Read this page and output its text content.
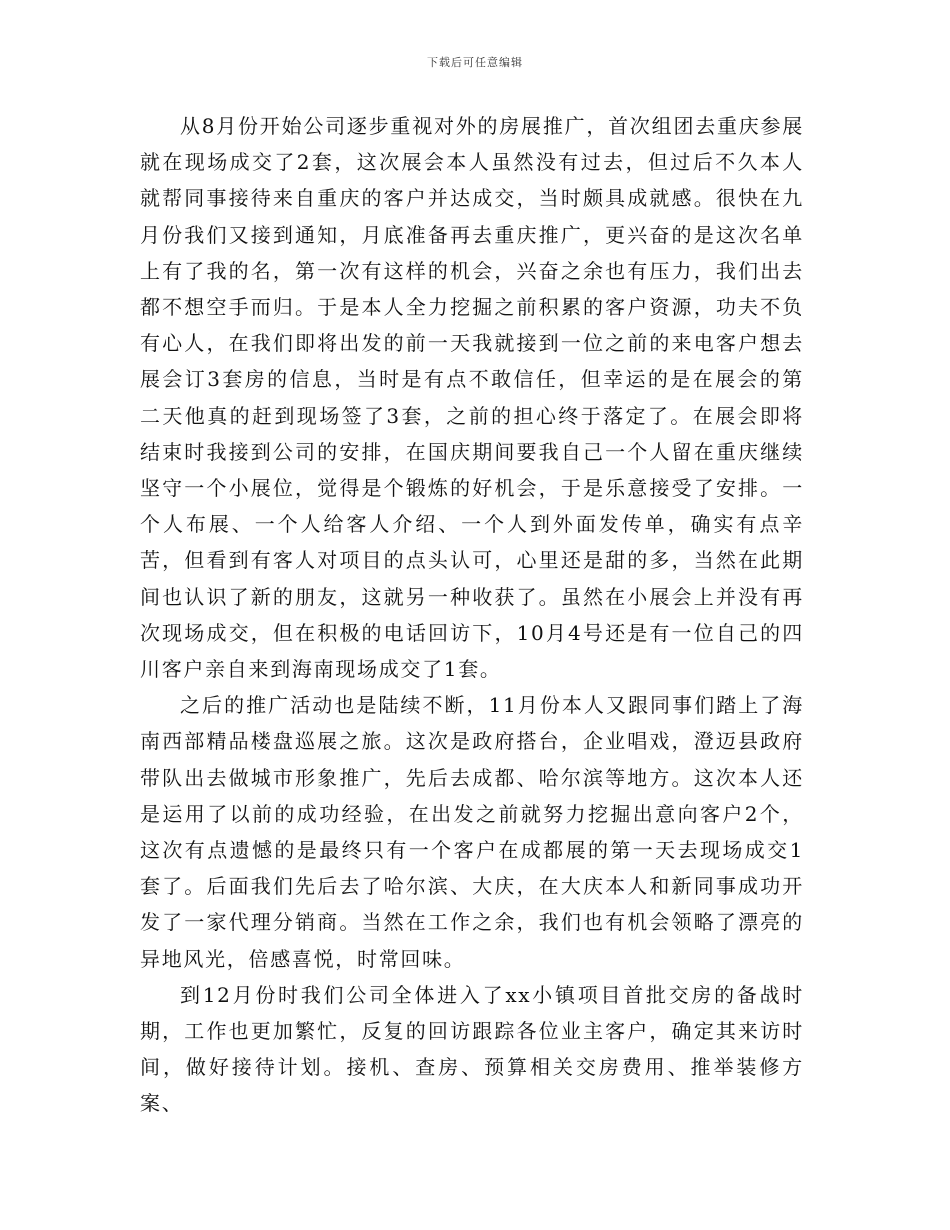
下载后可任意编辑

从8月份开始公司逐步重视对外的房展推广，首次组团去重庆参展就在现场成交了2套，这次展会本人虽然没有过去，但过后不久本人就帮同事接待来自重庆的客户并达成交，当时颇具成就感。很快在九月份我们又接到通知，月底准备再去重庆推广，更兴奋的是这次名单上有了我的名，第一次有这样的机会，兴奋之余也有压力，我们出去都不想空手而归。于是本人全力挖掘之前积累的客户资源，功夫不负有心人，在我们即将出发的前一天我就接到一位之前的来电客户想去展会订3套房的信息，当时是有点不敢信任，但幸运的是在展会的第二天他真的赶到现场签了3套，之前的担心终于落定了。在展会即将结束时我接到公司的安排，在国庆期间要我自己一个人留在重庆继续坚守一个小展位，觉得是个锻炼的好机会，于是乐意接受了安排。一个人布展、一个人给客人介绍、一个人到外面发传单，确实有点辛苦，但看到有客人对项目的点头认可，心里还是甜的多，当然在此期间也认识了新的朋友，这就另一种收获了。虽然在小展会上并没有再次现场成交，但在积极的电话回访下，10月4号还是有一位自己的四川客户亲自来到海南现场成交了1套。

之后的推广活动也是陆续不断，11月份本人又跟同事们踏上了海南西部精品楼盘巡展之旅。这次是政府搭台，企业唱戏，澄迈县政府带队出去做城市形象推广，先后去成都、哈尔滨等地方。这次本人还是运用了以前的成功经验，在出发之前就努力挖掘出意向客户2个，这次有点遗憾的是最终只有一个客户在成都展的第一天去现场成交1套了。后面我们先后去了哈尔滨、大庆，在大庆本人和新同事成功开发了一家代理分销商。当然在工作之余，我们也有机会领略了漂亮的异地风光，倍感喜悦，时常回味。

到12月份时我们公司全体进入了xx小镇项目首批交房的备战时期，工作也更加繁忙，反复的回访跟踪各位业主客户，确定其来访时间，做好接待计划。接机、查房、预算相关交房费用、推举装修方案、
